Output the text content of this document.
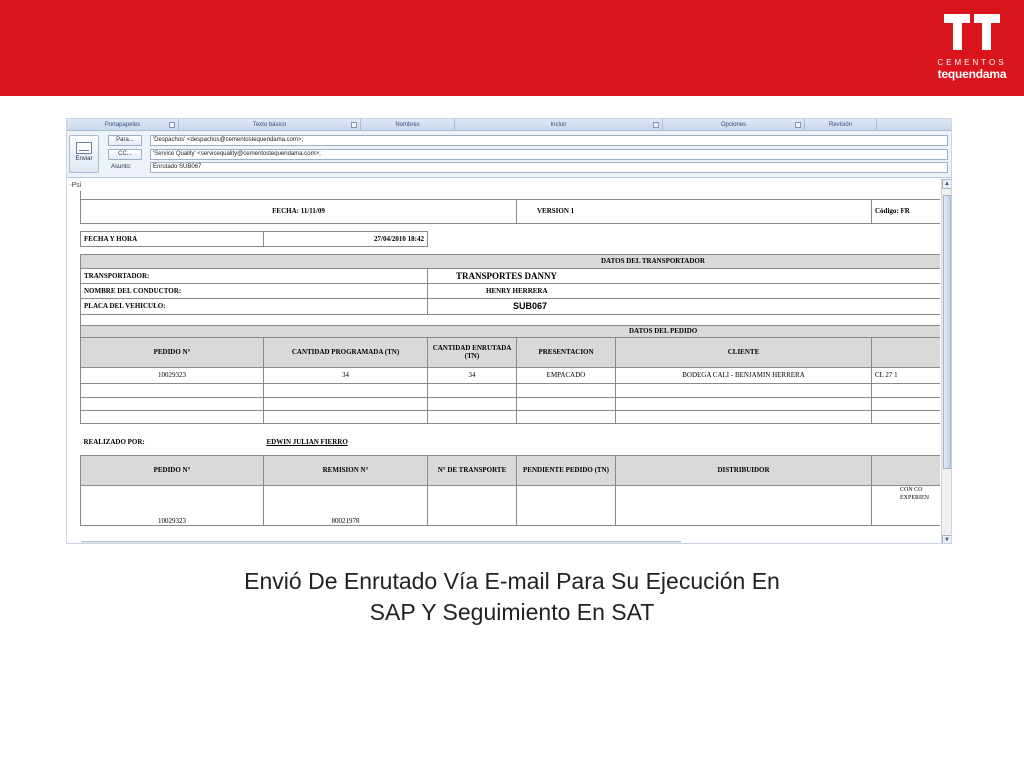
CEMENTOS
tequendama
Portapapeles	Texto básico	Nombres	Incluir	Opciones	Revisión
Enviar
Para...	'Despachos' <despachos@cementostequendama.com>;
CC...	'Service Quality' <servicequality@cementostequendama.com>;
Asunto:	Enrutado SUB067
▫Psi

FECHA: 11/11/09			VERSION 1		Código: FR

FECHA Y HORA	27/04/2010 18:42				

DATOS DEL TRANSPORTADOR					
TRANSPORTADOR:		TRANSPORTES DANNY			
NOMBRE DEL CONDUCTOR:		HENRY HERRERA			
PLACA DEL VEHICULO:		SUB067			

DATOS DEL PEDIDO					
PEDIDO N°	CANTIDAD PROGRAMADA (TN)	CANTIDAD ENRUTADA (TN)	PRESENTACION	CLIENTE	
10029323	34	34	EMPACADO	BODEGA CALI - BENJAMIN HERRERA	CL 27 1

REALIZADO POR:	EDWIN JULIAN FIERRO				

PEDIDO N°	REMISION N°	N° DE TRANSPORTE	PENDIENTE PEDIDO (TN)	DISTRIBUIDOR	
10029323	80021978				CON CO EXPERIEN
▲
▼
Envió De Enrutado Vía E-mail Para Su Ejecución En
SAP Y Seguimiento En SAT
